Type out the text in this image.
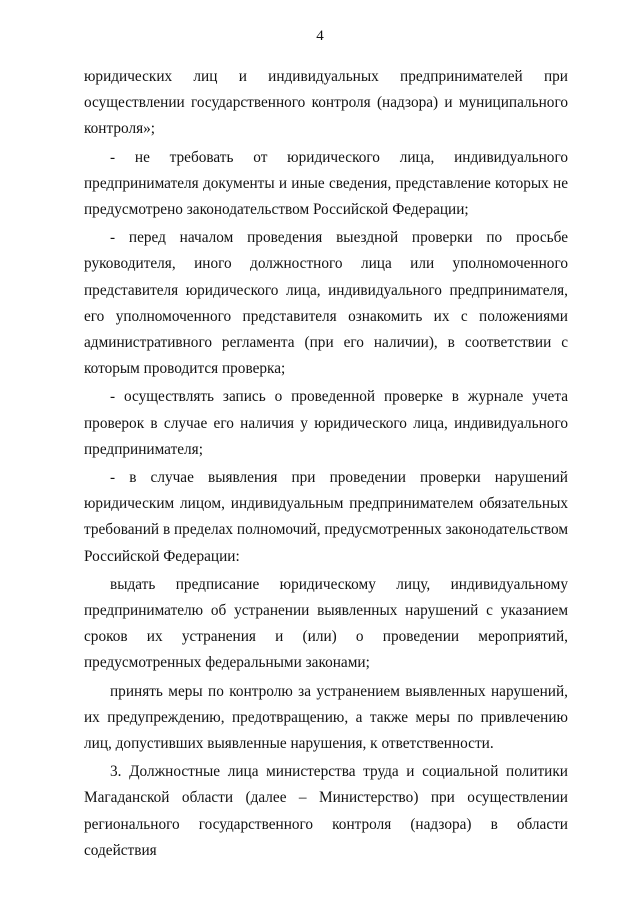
4

юридических лиц и индивидуальных предпринимателей при осуществлении государственного контроля (надзора) и муниципального контроля»;

- не требовать от юридического лица, индивидуального предпринимателя документы и иные сведения, представление которых не предусмотрено законодательством Российской Федерации;

- перед началом проведения выездной проверки по просьбе руководителя, иного должностного лица или уполномоченного представителя юридического лица, индивидуального предпринимателя, его уполномоченного представителя ознакомить их с положениями административного регламента (при его наличии), в соответствии с которым проводится проверка;

- осуществлять запись о проведенной проверке в журнале учета проверок в случае его наличия у юридического лица, индивидуального предпринимателя;

- в случае выявления при проведении проверки нарушений юридическим лицом, индивидуальным предпринимателем обязательных требований в пределах полномочий, предусмотренных законодательством Российской Федерации:

выдать предписание юридическому лицу, индивидуальному предпринимателю об устранении выявленных нарушений с указанием сроков их устранения и (или) о проведении мероприятий, предусмотренных федеральными законами;

принять меры по контролю за устранением выявленных нарушений, их предупреждению, предотвращению, а также меры по привлечению лиц, допустивших выявленные нарушения, к ответственности.

3. Должностные лица министерства труда и социальной политики Магаданской области (далее – Министерство) при осуществлении регионального государственного контроля (надзора) в области содействия
